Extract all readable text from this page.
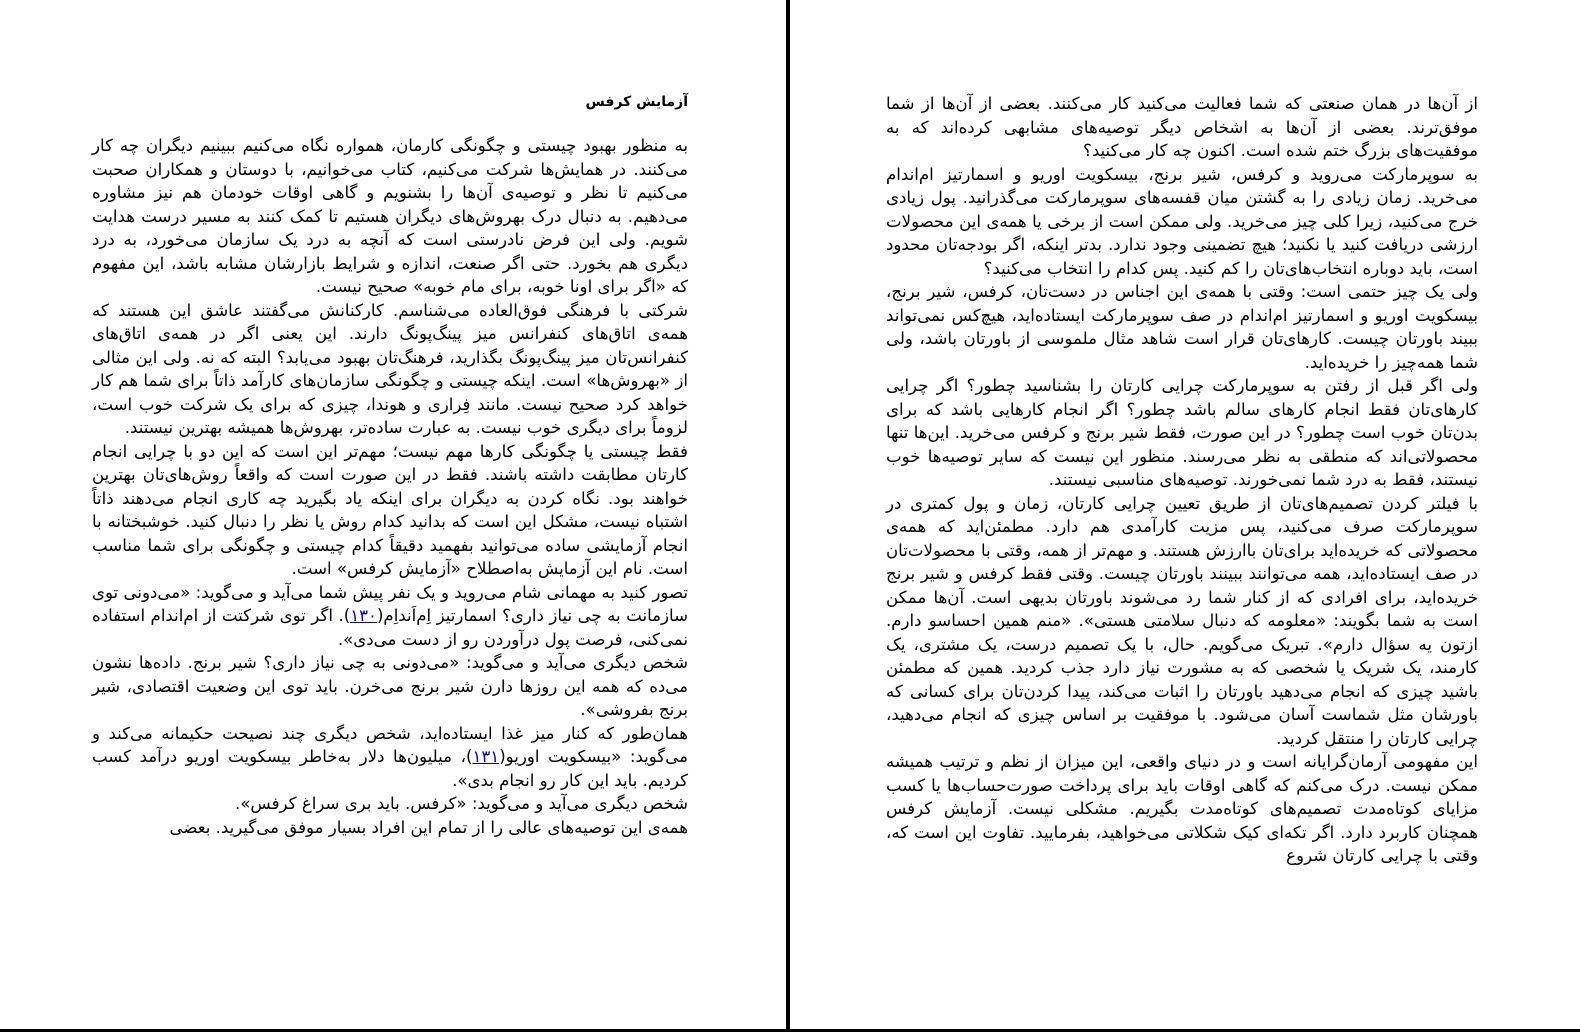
آزمایش کرفس

به منظور بهبود چیستی و چگونگی کارمان، همواره نگاه می‌کنیم ببینیم دیگران چه کار می‌کنند. در همایش‌ها شرکت می‌کنیم، کتاب می‌خوانیم، با دوستان و همکاران صحبت می‌کنیم تا نظر و توصیه‌ی آن‌ها را بشنویم و گاهی اوقات خودمان هم نیز مشاوره می‌دهیم. به دنبال درک بهروش‌های دیگران هستیم تا کمک کنند به مسیر درست هدایت شویم. ولی این فرض نادرستی است که آنچه به درد یک سازمان می‌خورد، به درد دیگری هم بخورد. حتی اگر صنعت، اندازه و شرایط بازارشان مشابه باشد، این مفهوم که «اگر برای اونا خوبه، برای مام خوبه» صحیح نیست.

شرکتی با فرهنگی فوق‌العاده می‌شناسم. کارکنانش می‌گفتند عاشق این هستند که همه‌ی اتاق‌های کنفرانس میز پینگ‌پونگ دارند. این یعنی اگر در همه‌ی اتاق‌های کنفرانس‌تان میز پینگ‌پونگ بگذارید، فرهنگ‌تان بهبود می‌یابد؟ البته که نه. ولی این مثالی از «بهروش‌ها» است. اینکه چیستی و چگونگی سازمان‌های کارآمد ذاتاً برای شما هم کار خواهد کرد صحیح نیست. مانند فِراری و هوندا، چیزی که برای یک شرکت خوب است، لزوماً برای دیگری خوب نیست. به عبارت ساده‌تر، بهروش‌ها همیشه بهترین نیستند.

فقط چیستی یا چگونگی کارها مهم نیست؛ مهم‌تر این است که این دو با چرایی انجام کارتان مطابقت داشته باشند. فقط در این صورت است که واقعاً روش‌های‌تان بهترین خواهند بود. نگاه کردن به دیگران برای اینکه یاد بگیرید چه کاری انجام می‌دهند ذاتاً اشتباه نیست، مشکل این است که بدانید کدام روش یا نظر را دنبال کنید. خوشبختانه با انجام آزمایشی ساده می‌توانید بفهمید دقیقاً کدام چیستی و چگونگی برای شما مناسب است. نام این آزمایش به‌اصطلاح «آزمایش کرفس» است.

تصور کنید به مهمانی شام می‌روید و یک نفر پیش شما می‌آید و می‌گوید: «می‌دونی توی سازمانت به چی نیاز داری؟ اسمارتیز اِم‌اَند‌اِم(۱۳۰). اگر توی شرکتت از ام‌اندام استفاده نمی‌کنی، فرصت پول درآوردن رو از دست می‌دی».

شخص دیگری می‌آید و می‌گوید: «می‌دونی به چی نیاز داری؟ شیر برنج. داده‌ها نشون می‌ده که همه این روزها دارن شیر برنج می‌خرن. باید توی این وضعیت اقتصادی، شیر برنج بفروشی».

همان‌طور که کنار میز غذا ایستاده‌اید، شخص دیگری چند نصیحت حکیمانه می‌کند و می‌گوید: «بیسکویت اوریو(۱۳۱)، میلیون‌ها دلار به‌خاطر بیسکویت اوریو درآمد کسب کردیم. باید این کار رو انجام بدی».

شخص دیگری می‌آید و می‌گوید: «کرفس. باید بری سراغ کرفس».

همه‌ی این توصیه‌های عالی را از تمام این افراد بسیار موفق می‌گیرید. بعضی

از آن‌ها در همان صنعتی که شما فعالیت می‌کنید کار می‌کنند. بعضی از آن‌ها از شما موفق‌ترند. بعضی از آن‌ها به اشخاص دیگر توصیه‌های مشابهی کرده‌اند که به موفقیت‌های بزرگ ختم شده است. اکنون چه کار می‌کنید؟

به سوپرمارکت می‌روید و کرفس، شیر برنج، بیسکویت اوریو و اسمارتیز ام‌اندام می‌خرید. زمان زیادی را به گشتن میان قفسه‌های سوپرمارکت می‌گذرانید. پول زیادی خرج می‌کنید، زیرا کلی چیز می‌خرید. ولی ممکن است از برخی یا همه‌ی این محصولات ارزشی دریافت کنید یا نکنید؛ هیچ تضمینی وجود ندارد. بدتر اینکه، اگر بودجه‌تان محدود است، باید دوباره انتخاب‌های‌تان را کم کنید. پس کدام را انتخاب می‌کنید؟

ولی یک چیز حتمی است: وقتی با همه‌ی این اجناس در دست‌تان، کرفس، شیر برنج، بیسکویت اوریو و اسمارتیز ام‌اندام در صف سوپرمارکت ایستاده‌اید، هیچ‌کس نمی‌تواند ببیند باورتان چیست. کارهای‌تان قرار است شاهد مثال ملموسی از باورتان باشد، ولی شما همه‌چیز را خریده‌اید.

ولی اگر قبل از رفتن به سوپرمارکت چرایی کارتان را بشناسید چطور؟ اگر چرایی کارهای‌تان فقط انجام کارهای سالم باشد چطور؟ اگر انجام کارهایی باشد که برای بدن‌تان خوب است چطور؟ در این صورت، فقط شیر برنج و کرفس می‌خرید. این‌ها تنها محصولاتی‌اند که منطقی به نظر می‌رسند. منظور این نیست که سایر توصیه‌ها خوب نیستند، فقط به درد شما نمی‌خورند. توصیه‌های مناسبی نیستند.

با فیلتر کردن تصمیم‌های‌تان از طریق تعیین چرایی کارتان، زمان و پول کمتری در سوپرمارکت صرف می‌کنید، پس مزیت کارآمدی هم دارد. مطمئن‌اید که همه‌ی محصولاتی که خریده‌اید برای‌تان باارزش هستند. و مهم‌تر از همه، وقتی با محصولات‌تان در صف ایستاده‌اید، همه می‌توانند ببینند باورتان چیست. وقتی فقط کرفس و شیر برنج خریده‌اید، برای افرادی که از کنار شما رد می‌شوند باورتان بدیهی است. آن‌ها ممکن است به شما بگویند: «معلومه که دنبال سلامتی هستی». «منم همین احساسو دارم. ازتون یه سؤال دارم». تبریک می‌گویم. حال، با یک تصمیم درست، یک مشتری، یک کارمند، یک شریک یا شخصی که به مشورت نیاز دارد جذب کردید. همین که مطمئن باشید چیزی که انجام می‌دهید باورتان را اثبات می‌کند، پیدا کردن‌تان برای کسانی که باورشان مثل شماست آسان می‌شود. با موفقیت بر اساس چیزی که انجام می‌دهید، چرایی کارتان را منتقل کردید.

این مفهومی آرمان‌گرایانه است و در دنیای واقعی، این میزان از نظم و ترتیب همیشه ممکن نیست. درک می‌کنم که گاهی اوقات باید برای پرداخت صورت‌حساب‌ها یا کسب مزایای کوتاه‌مدت تصمیم‌های کوتاه‌مدت بگیریم. مشکلی نیست. آزمایش کرفس همچنان کاربرد دارد. اگر تکه‌ای کیک شکلاتی می‌خواهید، بفرمایید. تفاوت این است که، وقتی با چرایی کارتان شروع
